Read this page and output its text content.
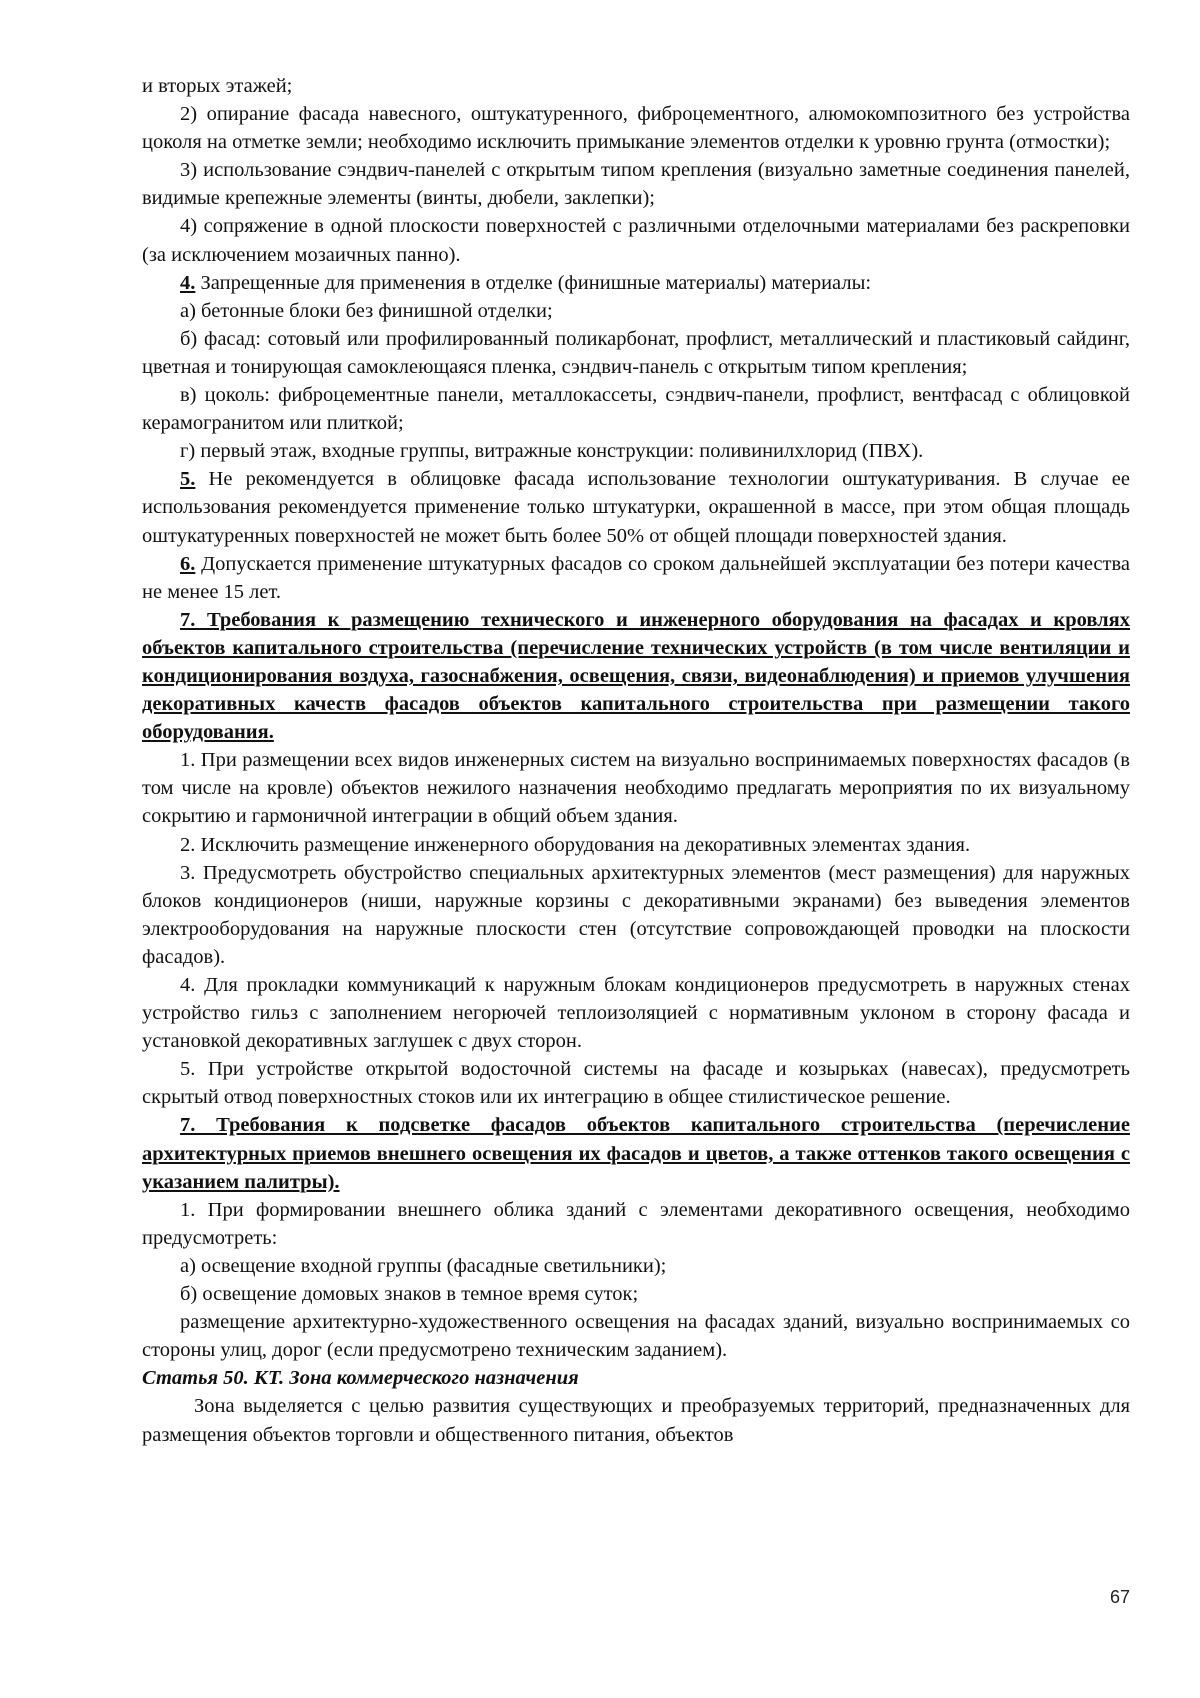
и вторых этажей;

2) опирание фасада навесного, оштукатуренного, фиброцементного, алюмокомпозитного без устройства цоколя на отметке земли; необходимо исключить примыкание элементов отделки к уровню грунта (отмостки);

3) использование сэндвич-панелей с открытым типом крепления (визуально заметные соединения панелей, видимые крепежные элементы (винты, дюбели, заклепки);

4) сопряжение в одной плоскости поверхностей с различными отделочными материалами без раскреповки (за исключением мозаичных панно).

4. Запрещенные для применения в отделке (финишные материалы) материалы:

а) бетонные блоки без финишной отделки;

б) фасад: сотовый или профилированный поликарбонат, профлист, металлический и пластиковый сайдинг, цветная и тонирующая самоклеющаяся пленка, сэндвич-панель с открытым типом крепления;

в) цоколь: фиброцементные панели, металлокассеты, сэндвич-панели, профлист, вентфасад с облицовкой керамогранитом или плиткой;

г) первый этаж, входные группы, витражные конструкции: поливинилхлорид (ПВХ).

5. Не рекомендуется в облицовке фасада использование технологии оштукатуривания. В случае ее использования рекомендуется применение только штукатурки, окрашенной в массе, при этом общая площадь оштукатуренных поверхностей не может быть более 50% от общей площади поверхностей здания.

6. Допускается применение штукатурных фасадов со сроком дальнейшей эксплуатации без потери качества не менее 15 лет.

7. Требования к размещению технического и инженерного оборудования на фасадах и кровлях объектов капитального строительства (перечисление технических устройств (в том числе вентиляции и кондиционирования воздуха, газоснабжения, освещения, связи, видеонаблюдения) и приемов улучшения декоративных качеств фасадов объектов капитального строительства при размещении такого оборудования.

1. При размещении всех видов инженерных систем на визуально воспринимаемых поверхностях фасадов (в том числе на кровле) объектов нежилого назначения необходимо предлагать мероприятия по их визуальному сокрытию и гармоничной интеграции в общий объем здания.

2. Исключить размещение инженерного оборудования на декоративных элементах здания.

3. Предусмотреть обустройство специальных архитектурных элементов (мест размещения) для наружных блоков кондиционеров (ниши, наружные корзины с декоративными экранами) без выведения элементов электрооборудования на наружные плоскости стен (отсутствие сопровождающей проводки на плоскости фасадов).

4. Для прокладки коммуникаций к наружным блокам кондиционеров предусмотреть в наружных стенах устройство гильз с заполнением негорючей теплоизоляцией с нормативным уклоном в сторону фасада и установкой декоративных заглушек с двух сторон.

5. При устройстве открытой водосточной системы на фасаде и козырьках (навесах), предусмотреть скрытый отвод поверхностных стоков или их интеграцию в общее стилистическое решение.

7. Требования к подсветке фасадов объектов капитального строительства (перечисление архитектурных приемов внешнего освещения их фасадов и цветов, а также оттенков такого освещения с указанием палитры).

1. При формировании внешнего облика зданий с элементами декоративного освещения, необходимо предусмотреть:

а) освещение входной группы (фасадные светильники);

б) освещение домовых знаков в темное время суток;

размещение архитектурно-художественного освещения на фасадах зданий, визуально воспринимаемых со стороны улиц, дорог (если предусмотрено техническим заданием).

Статья 50. КТ. Зона коммерческого назначения

Зона выделяется с целью развития существующих и преобразуемых территорий, предназначенных для размещения объектов торговли и общественного питания, объектов

67
